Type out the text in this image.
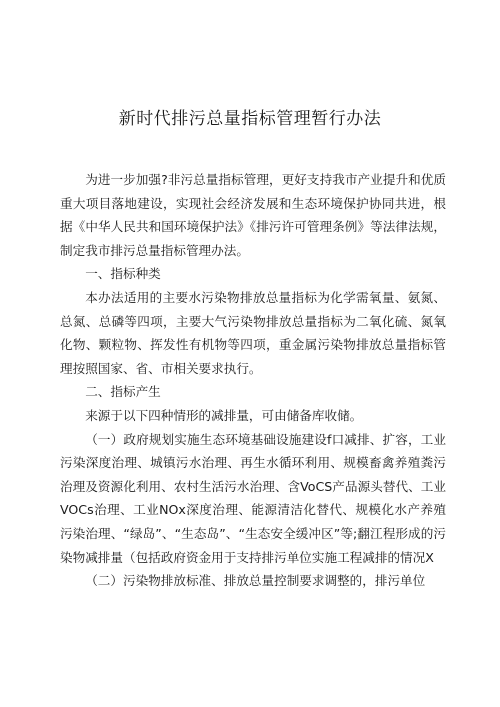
新时代排污总量指标管理暂行办法

为进一步加强?非污总量指标管理，更好支持我市产业提升和优质重大项目落地建设，实现社会经济发展和生态环境保护协同共进，根据《中华人民共和国环境保护法》《排污许可管理条例》等法律法规，制定我市排污总量指标管理办法。

一、指标种类

本办法适用的主要水污染物排放总量指标为化学需氧量、氨氮、总氮、总磷等四项，主要大气污染物排放总量指标为二氧化硫、氮氧化物、颗粒物、挥发性有机物等四项，重金属污染物排放总量指标管理按照国家、省、市相关要求执行。

二、指标产生

来源于以下四种情形的减排量，可由储备库收储。

（一）政府规划实施生态环境基础设施建设f口减排、扩容，工业污染深度治理、城镇污水治理、再生水循环利用、规模畜禽养殖粪污治理及资源化利用、农村生活污水治理、含VoCS产品源头替代、工业VOCs治理、工业NOx深度治理、能源清洁化替代、规模化水产养殖污染治理、“绿岛”、“生态岛”、“生态安全缓冲区”等;翻江程形成的污染物减排量（包括政府资金用于支持排污单位实施工程减排的情况X

（二）污染物排放标准、排放总量控制要求调整的，排污单位
